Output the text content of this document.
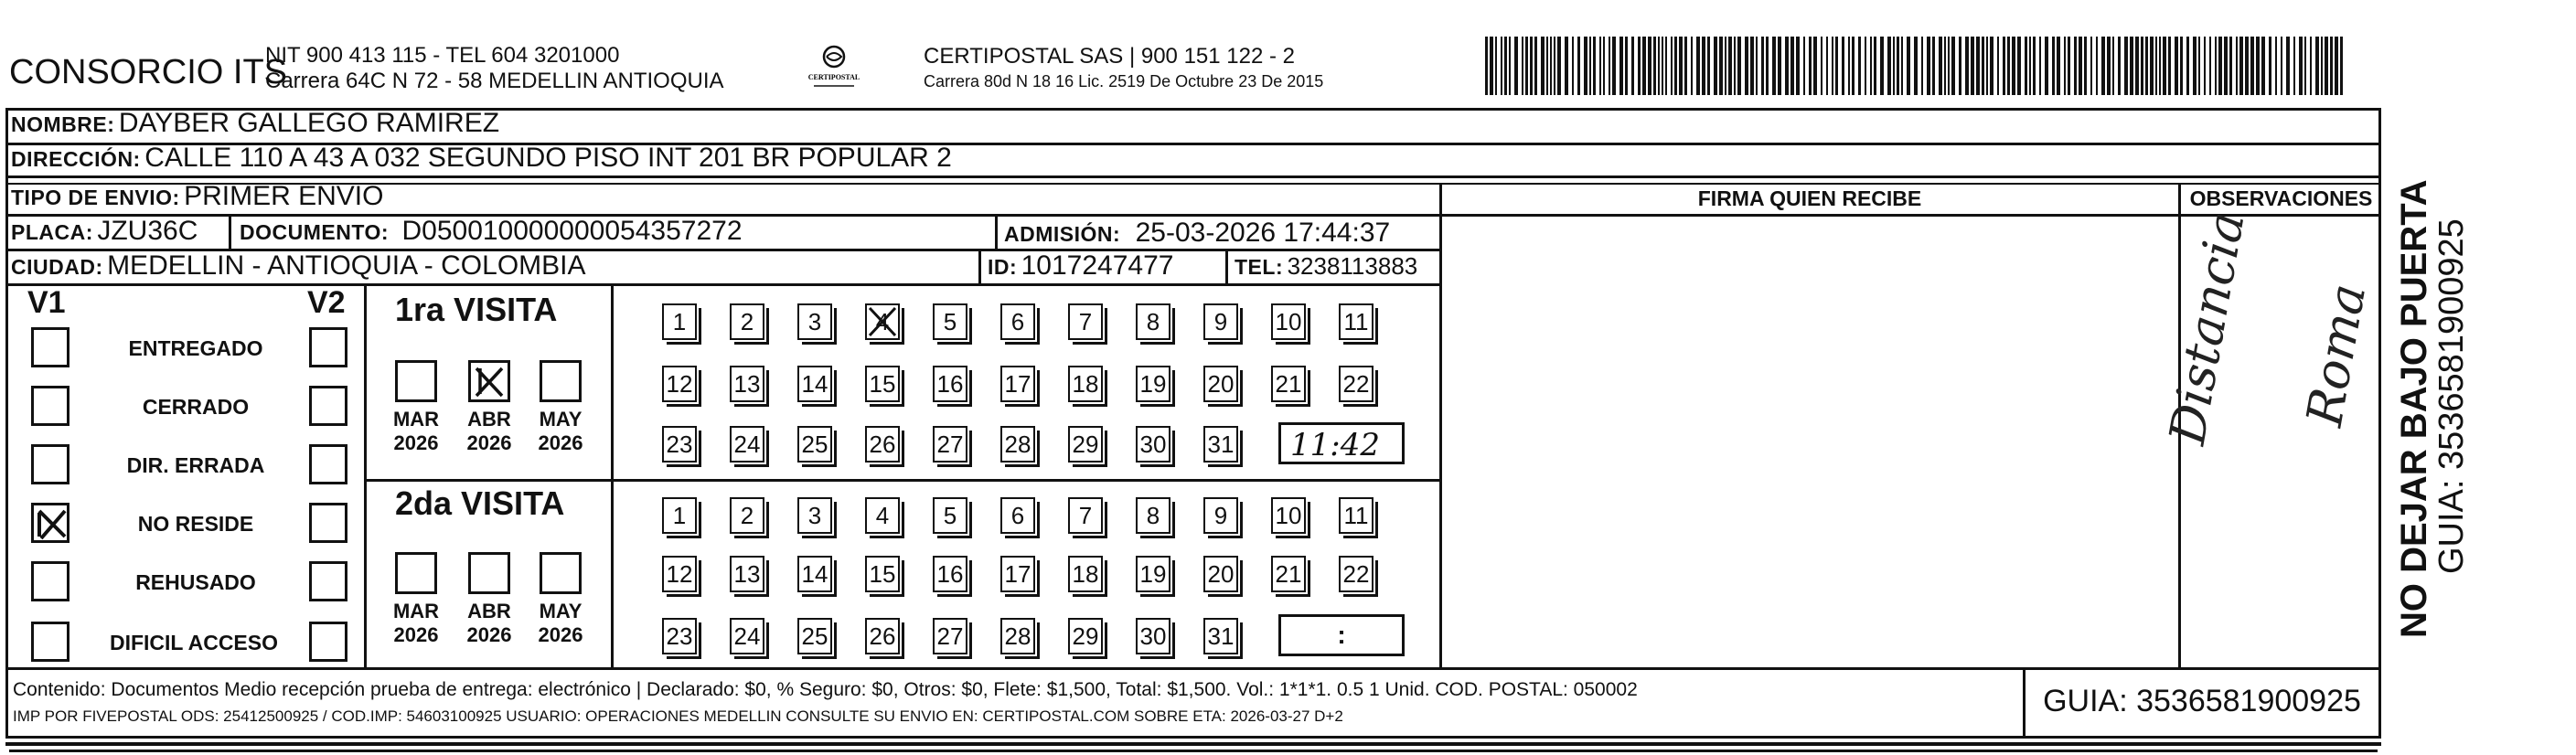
CONSORCIO ITS
NIT 900 413 115 - TEL 604 3201000
Carrera 64C N 72 - 58 MEDELLIN ANTIOQUIA	CERTIPOSTAL
CERTIPOSTAL SAS | 900 151 122 - 2
Carrera 80d N 18 16 Lic. 2519 De Octubre 23 De 2015
NOMBRE: DAYBER GALLEGO RAMIREZ
DIRECCIÓN: CALLE 110 A 43 A 032 SEGUNDO PISO INT 201 BR POPULAR 2
TIPO DE ENVIO: PRIMER ENVIO
PLACA: JZU36C DOCUMENTO: D050010000000054357272	ADMISIÓN: 25-03-2026 17:44:37
CIUDAD: MEDELLIN - ANTIOQUIA - COLOMBIA	ID: 1017247477	TEL: 3238113883
FIRMA QUIEN RECIBE	OBSERVACIONES
Distancia Roma NO DEJAR BAJO PUERTA
GUIA: 3536581900925
V1	V2
ENTREGADO
CERRADO
DIR. ERRADA
NO RESIDE
REHUSADO
DIFICIL ACCESO
1ra VISITA
2da VISITA
MAR
2026
ABR
2026
MAY
2026
MAR
2026
ABR
2026
MAY
2026
1	2	3	4	5	6	7	8	9	10 11
12 13 14 15 16 17 18 19 20 21 22
23 24 25 26 27 28 29 30 31
1	2	3	4	5	6	7	8	9	10 11
12 13 14 15 16 17 18 19 20 21 22
23 24 25 26 27 28 29 30 31
11:42
:
Contenido: Documentos Medio recepción prueba de entrega: electrónico | Declarado: $0, % Seguro: $0, Otros: $0, Flete: $1,500, Total: $1,500. Vol.: 1*1*1. 0.5 1 Unid. COD. POSTAL: 050002
IMP POR FIVEPOSTAL ODS: 25412500925 / COD.IMP: 54603100925 USUARIO: OPERACIONES MEDELLIN CONSULTE SU ENVIO EN: CERTIPOSTAL.COM SOBRE ETA: 2026-03-27 D+2	GUIA: 3536581900925
